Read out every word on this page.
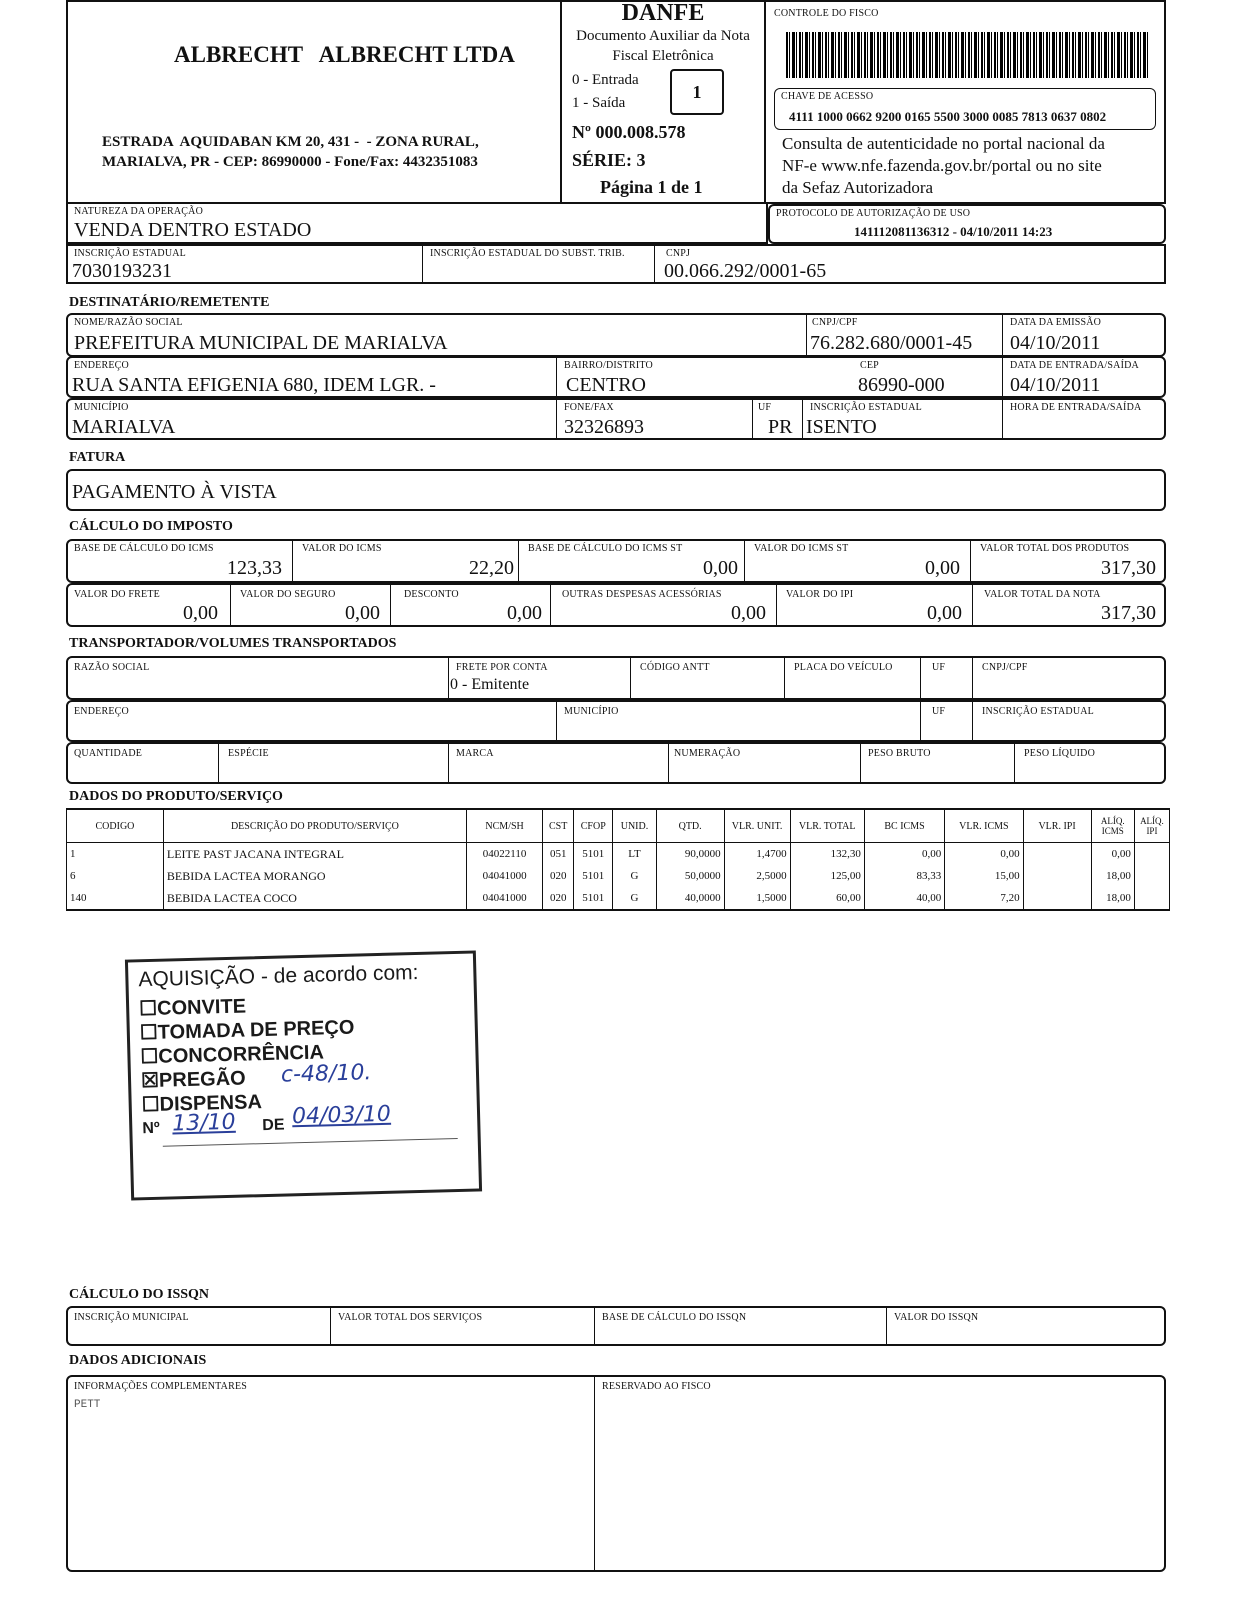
ALBRECHT   ALBRECHT LTDA
ESTRADA  AQUIDABAN KM 20, 431 -  - ZONA RURAL,
MARIALVA, PR - CEP: 86990000 - Fone/Fax: 4432351083
DANFE
Documento Auxiliar da Nota
Fiscal Eletrônica
0 - Entrada
1 - Saída
1
Nº 000.008.578
SÉRIE: 3
Página 1 de 1
CONTROLE DO FISCO
CHAVE DE ACESSO
4111 1000 0662 9200 0165 5500 3000 0085 7813 0637 0802
Consulta de autenticidade no portal nacional da
NF-e www.nfe.fazenda.gov.br/portal ou no site
da Sefaz Autorizadora
NATUREZA DA OPERAÇÃO
VENDA DENTRO ESTADO
PROTOCOLO DE AUTORIZAÇÃO DE USO
141112081136312 - 04/10/2011 14:23
INSCRIÇÃO ESTADUAL
7030193231
INSCRIÇÃO ESTADUAL DO SUBST. TRIB.	CNPJ
00.066.292/0001-65
DESTINATÁRIO/REMETENTE
NOME/RAZÃO SOCIAL
PREFEITURA MUNICIPAL DE MARIALVA
CNPJ/CPF
76.282.680/0001-45
DATA DA EMISSÃO
04/10/2011
ENDEREÇO
RUA SANTA EFIGENIA 680, IDEM LGR. -
BAIRRO/DISTRITO
CENTRO
CEP
86990-000
DATA DE ENTRADA/SAÍDA
04/10/2011
MUNICÍPIO
MARIALVA
FONE/FAX
32326893
UF
PR
INSCRIÇÃO ESTADUAL
ISENTO
HORA DE ENTRADA/SAÍDA
FATURA
PAGAMENTO À VISTA
CÁLCULO DO IMPOSTO
BASE DE CÁLCULO DO ICMS
123,33
VALOR DO ICMS
22,20
BASE DE CÁLCULO DO ICMS ST
0,00
VALOR DO ICMS ST
0,00
VALOR TOTAL DOS PRODUTOS
317,30
VALOR DO FRETE
0,00
VALOR DO SEGURO
0,00
DESCONTO
0,00
OUTRAS DESPESAS ACESSÓRIAS
0,00
VALOR DO IPI
0,00
VALOR TOTAL DA NOTA
317,30
TRANSPORTADOR/VOLUMES TRANSPORTADOS
RAZÃO SOCIAL	FRETE POR CONTA
0 - Emitente
CÓDIGO ANTT	PLACA DO VEÍCULO	UF	CNPJ/CPF
ENDEREÇO	MUNICÍPIO	UF	INSCRIÇÃO ESTADUAL
QUANTIDADE	ESPÉCIE	MARCA	NUMERAÇÃO	PESO BRUTO	PESO LÍQUIDO
DADOS DO PRODUTO/SERVIÇO
CODIGO	DESCRIÇÃO DO PRODUTO/SERVIÇO	NCM/SH	CST	CFOP	UNID.	QTD.	VLR. UNIT.	VLR. TOTAL	BC ICMS	VLR. ICMS	VLR. IPI	ALÍQ. ICMS	ALÍQ. IPI
1	LEITE PAST JACANA INTEGRAL	04022110	051	5101	LT	90,0000	1,4700	132,30	0,00	0,00		0,00	
6	BEBIDA LACTEA MORANGO	04041000	020	5101	G	50,0000	2,5000	125,00	83,33	15,00		18,00	
140	BEBIDA LACTEA COCO	04041000	020	5101	G	40,0000	1,5000	60,00	40,00	7,20		18,00	
AQUISIÇÃO - de acordo com:
☐CONVITE
☐TOMADA DE PREÇO
☐CONCORRÊNCIA
☒PREGÃO
☐DISPENSA
Nº	DE
c-48/10.
13/10	04/03/10
CÁLCULO DO ISSQN
INSCRIÇÃO MUNICIPAL	VALOR TOTAL DOS SERVIÇOS	BASE DE CÁLCULO DO ISSQN	VALOR DO ISSQN
DADOS ADICIONAIS
INFORMAÇÕES COMPLEMENTARES
PETT
RESERVADO AO FISCO
